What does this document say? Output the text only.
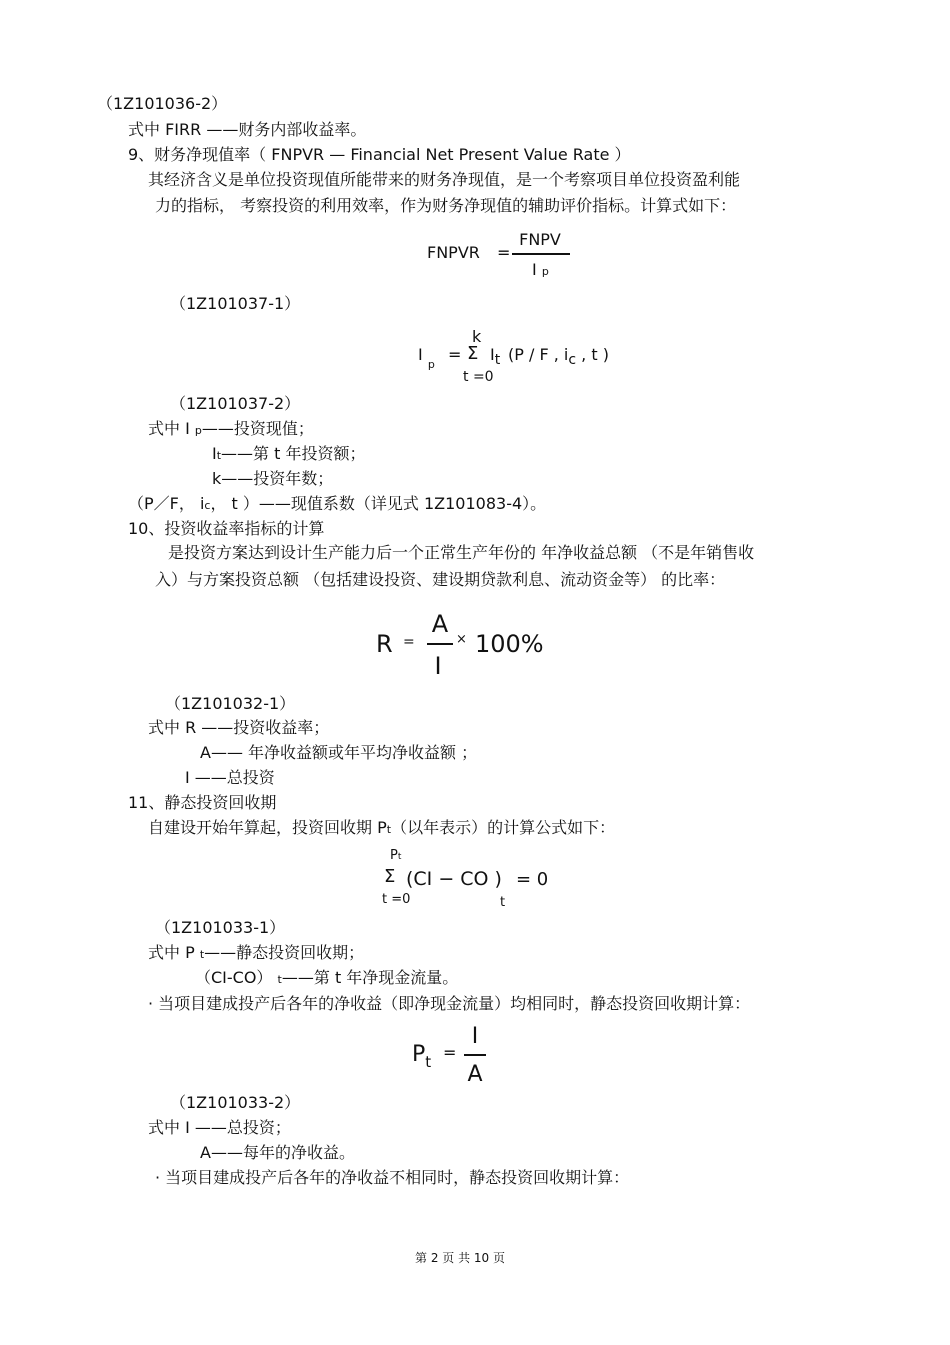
（1Z101036-2）
式中 FIRR ——财务内部收益率。
9、财务净现值率（ FNPVR — Financial Net Present Value Rate ）
其经济含义是单位投资现值所能带来的财务净现值，是一个考察项目单位投资盈利能
力的指标， 考察投资的利用效率，作为财务净现值的辅助评价指标。计算式如下：
FNPVR =
FNPV
I p
（1Z101037-1）
k
I $_p$
= Σ It (P / F , ic , t )
t =0
（1Z101037-2）
式中 I p——投资现值；
It——第 t 年投资额；
k——投资年数；
（P／F， ic， t ）——现值系数（详见式 1Z101083-4）。
10、投资收益率指标的计算
是投资方案达到设计生产能力后一个正常生产年份的 年净收益总额 （不是年销售收
入）与方案投资总额 （包括建设投资、建设期贷款利息、流动资金等） 的比率：
R =
A
I
× 100%
（1Z101032-1）
式中 R ——投资收益率；
A—— 年净收益额或年平均净收益额 ；
I ——总投资
11、静态投资回收期
自建设开始年算起，投资回收期 Pt（以年表示）的计算公式如下：
Pt
Σ (CI − CO )
t
= 0
t =0
（1Z101033-1）
式中 P t——静态投资回收期；
（CI-CO） t——第 t 年净现金流量。
· 当项目建成投产后各年的净收益（即净现金流量）均相同时，静态投资回收期计算：
$P_t$ =
I
A
（1Z101033-2）
式中 I ——总投资；
A——每年的净收益。
· 当项目建成投产后各年的净收益不相同时，静态投资回收期计算：
第 2 页 共 10 页
